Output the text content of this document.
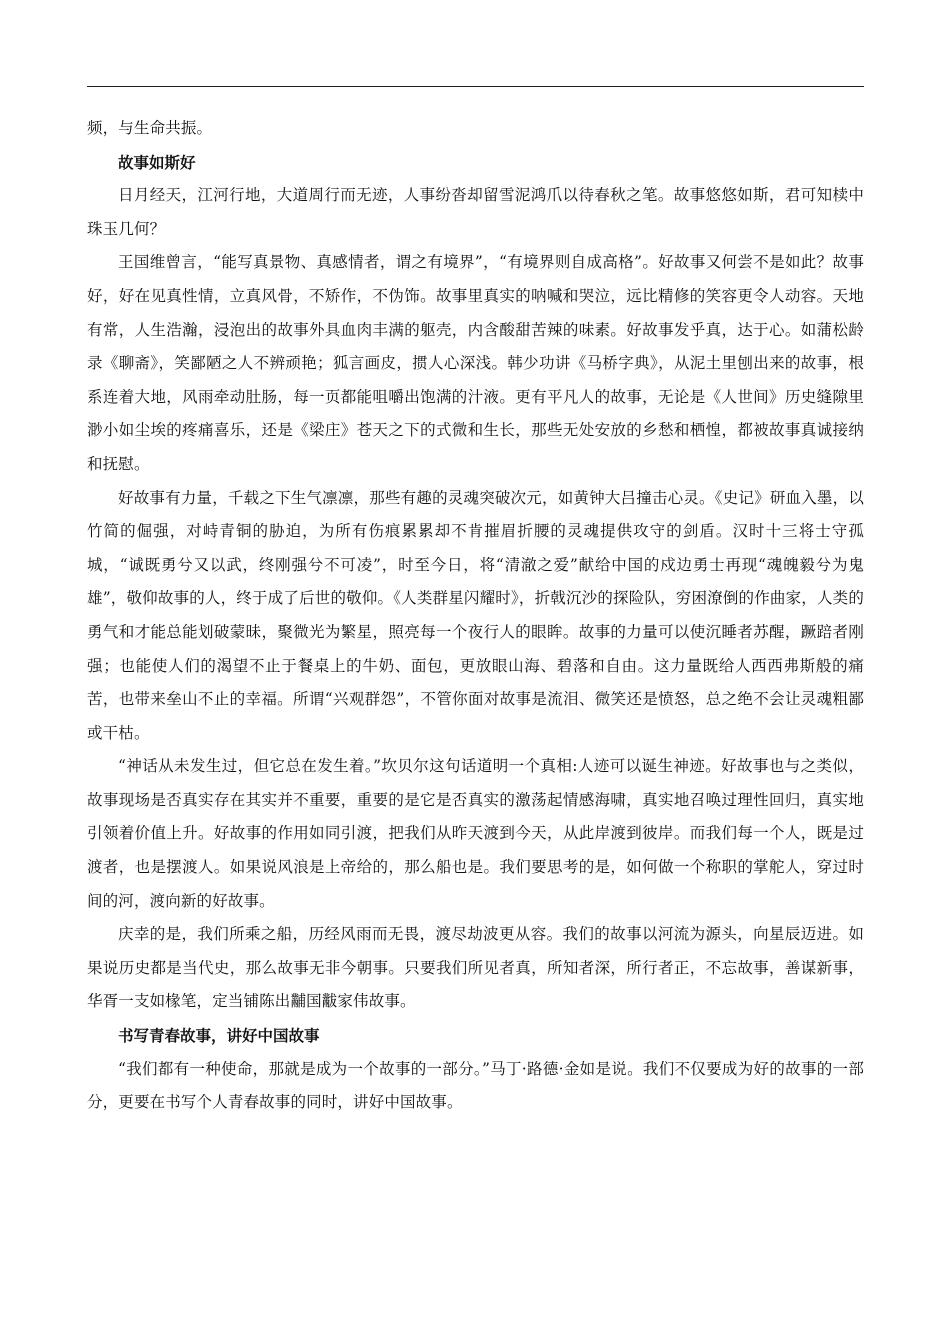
频，与生命共振。

故事如斯好

日月经天，江河行地，大道周行而无迹，人事纷沓却留雪泥鸿爪以待春秋之笔。故事悠悠如斯，君可知椟中珠玉几何？

王国维曾言，“能写真景物、真感情者，谓之有境界”，“有境界则自成高格”。好故事又何尝不是如此？故事好，好在见真性情，立真风骨，不矫作，不伪饰。故事里真实的呐喊和哭泣，远比精修的笑容更令人动容。天地有常，人生浩瀚，浸泡出的故事外具血肉丰满的躯壳，内含酸甜苦辣的味素。好故事发乎真，达于心。如蒲松龄录《聊斋》，笑鄙陋之人不辨顽艳；狐言画皮，掼人心深浅。韩少功讲《马桥字典》，从泥土里刨出来的故事，根系连着大地，风雨牵动肚肠，每一页都能咀嚼出饱满的汁液。更有平凡人的故事，无论是《人世间》历史缝隙里渺小如尘埃的疼痛喜乐，还是《梁庄》苍天之下的式微和生长，那些无处安放的乡愁和栖惶，都被故事真诚接纳和抚慰。

好故事有力量，千载之下生气凛凛，那些有趣的灵魂突破次元，如黄钟大吕撞击心灵。《史记》研血入墨，以竹简的倔强，对峙青铜的胁迫，为所有伤痕累累却不肯摧眉折腰的灵魂提供攻守的剑盾。汉时十三将士守孤城，“诚既勇兮又以武，终刚强兮不可凌”，时至今日，将“清澈之爱”献给中国的戍边勇士再现“魂魄毅兮为鬼雄”，敬仰故事的人，终于成了后世的敬仰。《人类群星闪耀时》，折戟沉沙的探险队，穷困潦倒的作曲家，人类的勇气和才能总能划破蒙昧，聚微光为繁星，照亮每一个夜行人的眼眸。故事的力量可以使沉睡者苏醒，蹶踣者刚强；也能使人们的渴望不止于餐桌上的牛奶、面包，更放眼山海、碧落和自由。这力量既给人西西弗斯般的痛苦，也带来垒山不止的幸福。所谓“兴观群怨”，不管你面对故事是流泪、微笑还是愤怒，总之绝不会让灵魂粗鄙或干枯。

“神话从未发生过，但它总在发生着。”坎贝尔这句话道明一个真相:人迹可以诞生神迹。好故事也与之类似，故事现场是否真实存在其实并不重要，重要的是它是否真实的激荡起情感海啸，真实地召唤过理性回归，真实地引领着价值上升。好故事的作用如同引渡，把我们从昨天渡到今天，从此岸渡到彼岸。而我们每一个人，既是过渡者，也是摆渡人。如果说风浪是上帝给的，那么船也是。我们要思考的是，如何做一个称职的掌舵人，穿过时间的河，渡向新的好故事。

庆幸的是，我们所乘之船，历经风雨而无畏，渡尽劫波更从容。我们的故事以河流为源头，向星辰迈进。如果说历史都是当代史，那么故事无非今朝事。只要我们所见者真，所知者深，所行者正，不忘故事，善谋新事，华胥一支如椽笔，定当铺陈出黼国黻家伟故事。

书写青春故事，讲好中国故事

“我们都有一种使命，那就是成为一个故事的一部分。”马丁·路德·金如是说。我们不仅要成为好的故事的一部分，更要在书写个人青春故事的同时，讲好中国故事。
